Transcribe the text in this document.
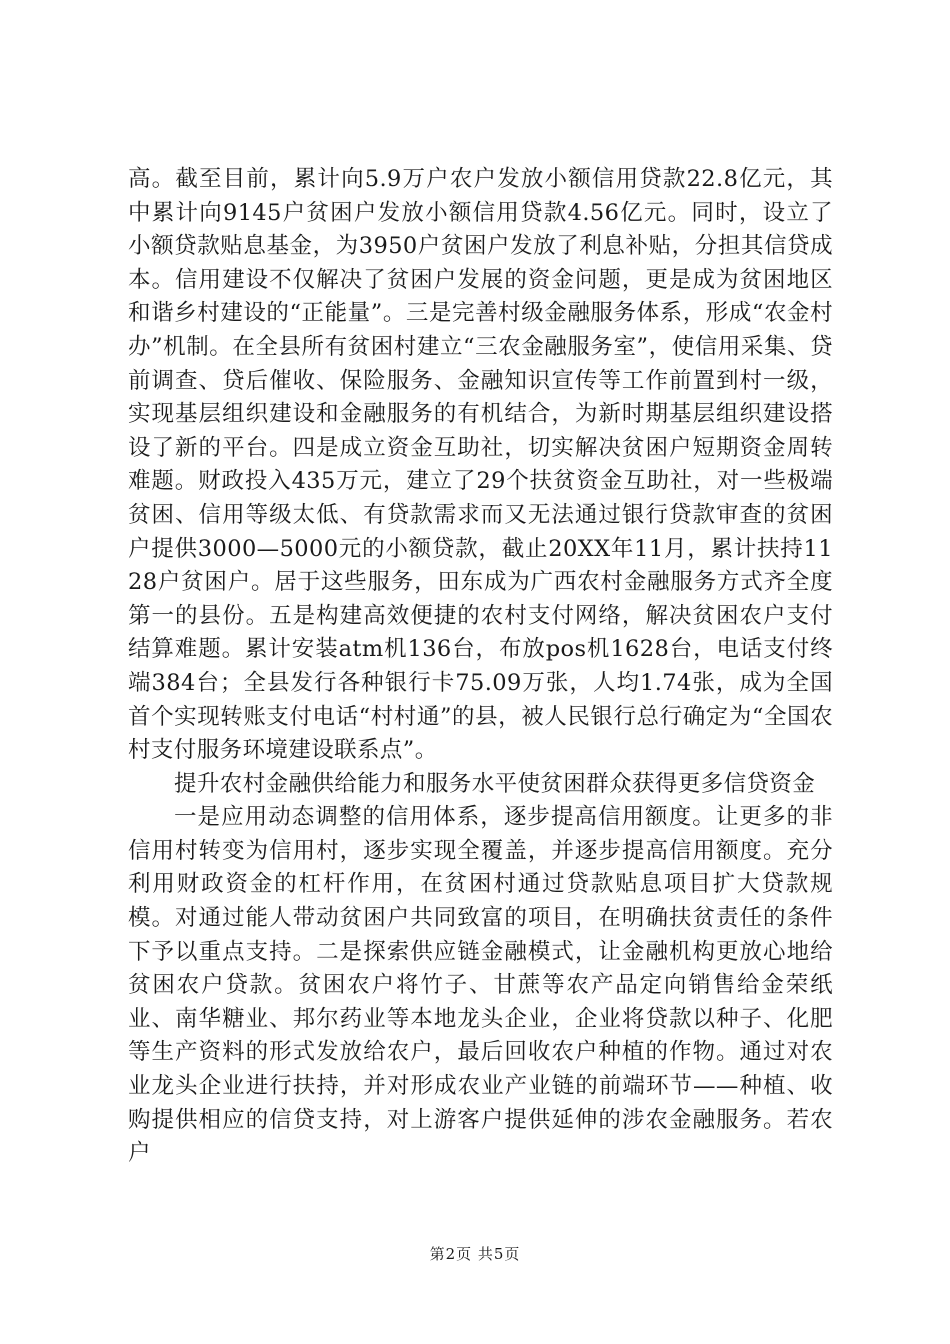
高。截至目前，累计向5.9万户农户发放小额信用贷款22.8亿元，其中累计向9145户贫困户发放小额信用贷款4.56亿元。同时，设立了小额贷款贴息基金，为3950户贫困户发放了利息补贴，分担其信贷成本。信用建设不仅解决了贫困户发展的资金问题，更是成为贫困地区和谐乡村建设的“正能量”。三是完善村级金融服务体系，形成“农金村办”机制。在全县所有贫困村建立“三农金融服务室”，使信用采集、贷前调查、贷后催收、保险服务、金融知识宣传等工作前置到村一级，实现基层组织建设和金融服务的有机结合，为新时期基层组织建设搭设了新的平台。四是成立资金互助社，切实解决贫困户短期资金周转难题。财政投入435万元，建立了29个扶贫资金互助社，对一些极端贫困、信用等级太低、有贷款需求而又无法通过银行贷款审查的贫困户提供3000—5000元的小额贷款，截止20XX年11月，累计扶持1128户贫困户。居于这些服务，田东成为广西农村金融服务方式齐全度第一的县份。五是构建高效便捷的农村支付网络，解决贫困农户支付结算难题。累计安装atm机136台，布放pos机1628台，电话支付终端384台；全县发行各种银行卡75.09万张，人均1.74张，成为全国首个实现转账支付电话“村村通”的县，被人民银行总行确定为“全国农村支付服务环境建设联系点”。

提升农村金融供给能力和服务水平使贫困群众获得更多信贷资金

一是应用动态调整的信用体系，逐步提高信用额度。让更多的非信用村转变为信用村，逐步实现全覆盖，并逐步提高信用额度。充分利用财政资金的杠杆作用，在贫困村通过贷款贴息项目扩大贷款规模。对通过能人带动贫困户共同致富的项目，在明确扶贫责任的条件下予以重点支持。二是探索供应链金融模式，让金融机构更放心地给贫困农户贷款。贫困农户将竹子、甘蔗等农产品定向销售给金荣纸业、南华糖业、邦尔药业等本地龙头企业，企业将贷款以种子、化肥等生产资料的形式发放给农户，最后回收农户种植的作物。通过对农业龙头企业进行扶持，并对形成农业产业链的前端环节——种植、收购提供相应的信贷支持，对上游客户提供延伸的涉农金融服务。若农户

第2页 共5页
